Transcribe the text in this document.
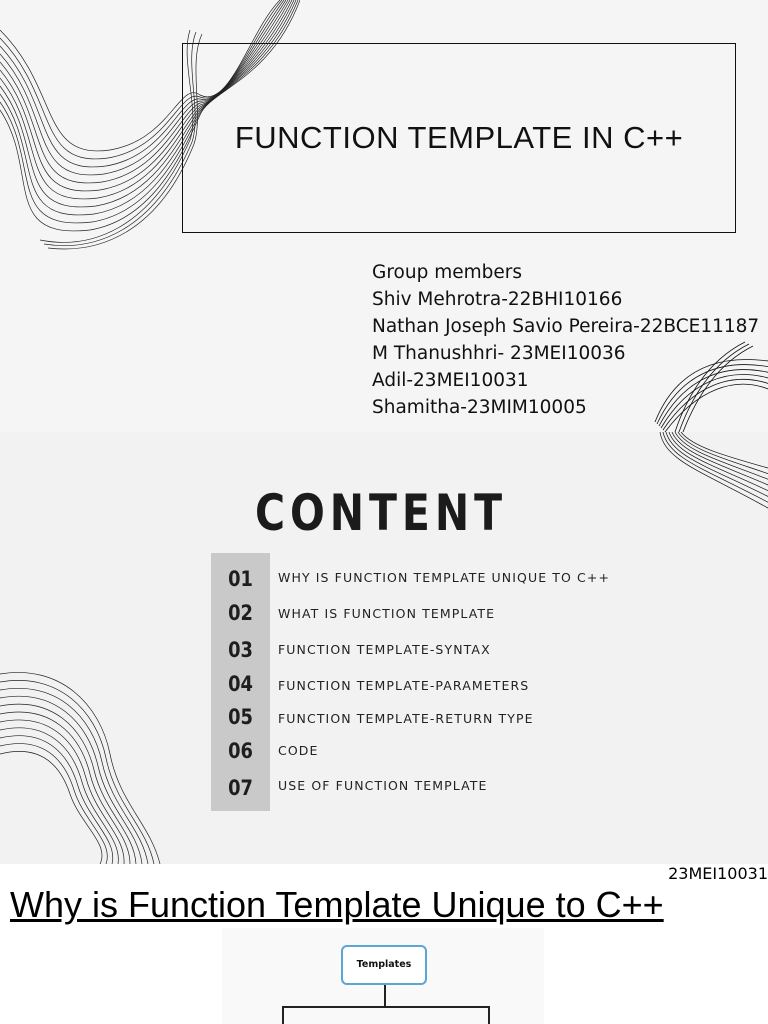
FUNCTION TEMPLATE IN C++
Group members
Shiv Mehrotra-22BHI10166
Nathan Joseph Savio Pereira-22BCE11187
M Thanushhri- 23MEI10036
Adil-23MEI10031
Shamitha-23MIM10005
CONTENT
01	WHY IS FUNCTION TEMPLATE UNIQUE TO C++
02	WHAT IS FUNCTION TEMPLATE
03	FUNCTION TEMPLATE-SYNTAX
04	FUNCTION TEMPLATE-PARAMETERS
05	FUNCTION TEMPLATE-RETURN TYPE
06	CODE
07	USE OF FUNCTION TEMPLATE
23MEI10031
Why is Function Template Unique to C++
Templates
